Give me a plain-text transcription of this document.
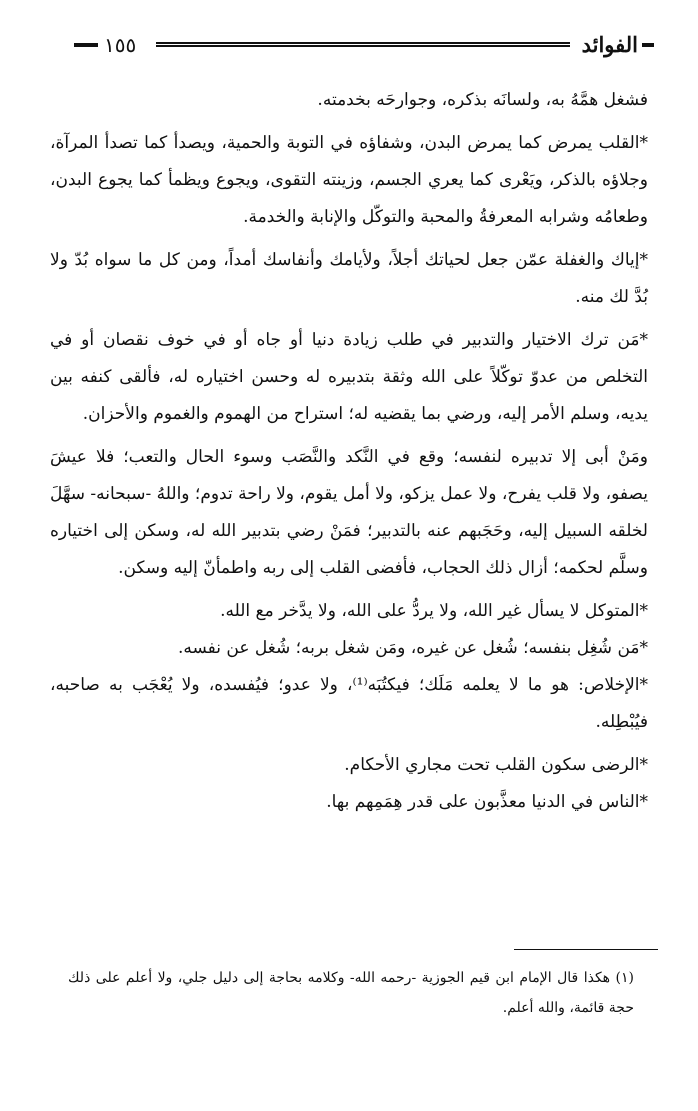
١٥٥	الفوائد

فشغل همَّهُ به، ولسانَه بذكره، وجوارحَه بخدمته.

*القلب يمرض كما يمرض البدن، وشفاؤه في التوبة والحمية، ويصدأ كما تصدأ المرآة، وجلاؤه بالذكر، ويَعْرى كما يعري الجسم، وزينته التقوى، ويجوع ويظمأ كما يجوع البدن، وطعامُه وشرابه المعرفةُ والمحبة والتوكّل والإنابة والخدمة.

*إياك والغفلة عمّن جعل لحياتك أجلاً، ولأيامك وأنفاسك أمداً، ومن كل ما سواه بُدّ ولا بُدَّ لك منه.

*مَن ترك الاختيار والتدبير في طلب زيادة دنيا أو جاه أو في خوف نقصان أو في التخلص من عدوّ توكّلاً على الله وثقة بتدبيره له وحسن اختياره له، فألقى كنفه بين يديه، وسلم الأمر إليه، ورضي بما يقضيه له؛ استراح من الهموم والغموم والأحزان.

ومَنْ أبى إلا تدبيره لنفسه؛ وقع في النَّكد والنَّصَب وسوء الحال والتعب؛ فلا عيشَ يصفو، ولا قلب يفرح، ولا عمل يزكو، ولا أمل يقوم، ولا راحة تدوم؛ واللهُ -سبحانه- سهَّلَ لخلقه السبيل إليه، وحَجَبهم عنه بالتدبير؛ فمَنْ رضي بتدبير الله له، وسكن إلى اختياره وسلَّم لحكمه؛ أزال ذلك الحجاب، فأفضى القلب إلى ربه واطمأنّ إليه وسكن.

*المتوكل لا يسأل غير الله، ولا يردُّ على الله، ولا يدَّخر مع الله.

*مَن شُغِل بنفسه؛ شُغل عن غيره، ومَن شغل بربه؛ شُغل عن نفسه.

*الإخلاص: هو ما لا يعلمه مَلَك؛ فيكتُبَه⁽¹⁾، ولا عدو؛ فيُفسده، ولا يُعْجَب به صاحبه، فيُبْطِله.

*الرضى سكون القلب تحت مجاري الأحكام.

*الناس في الدنيا معذَّبون على قدر هِمَمِهم بها.

(١) هكذا قال الإمام ابن قيم الجوزية -رحمه الله- وكلامه بحاجة إلى دليل جلي، ولا أعلم على ذلك حجة قائمة، والله أعلم.
